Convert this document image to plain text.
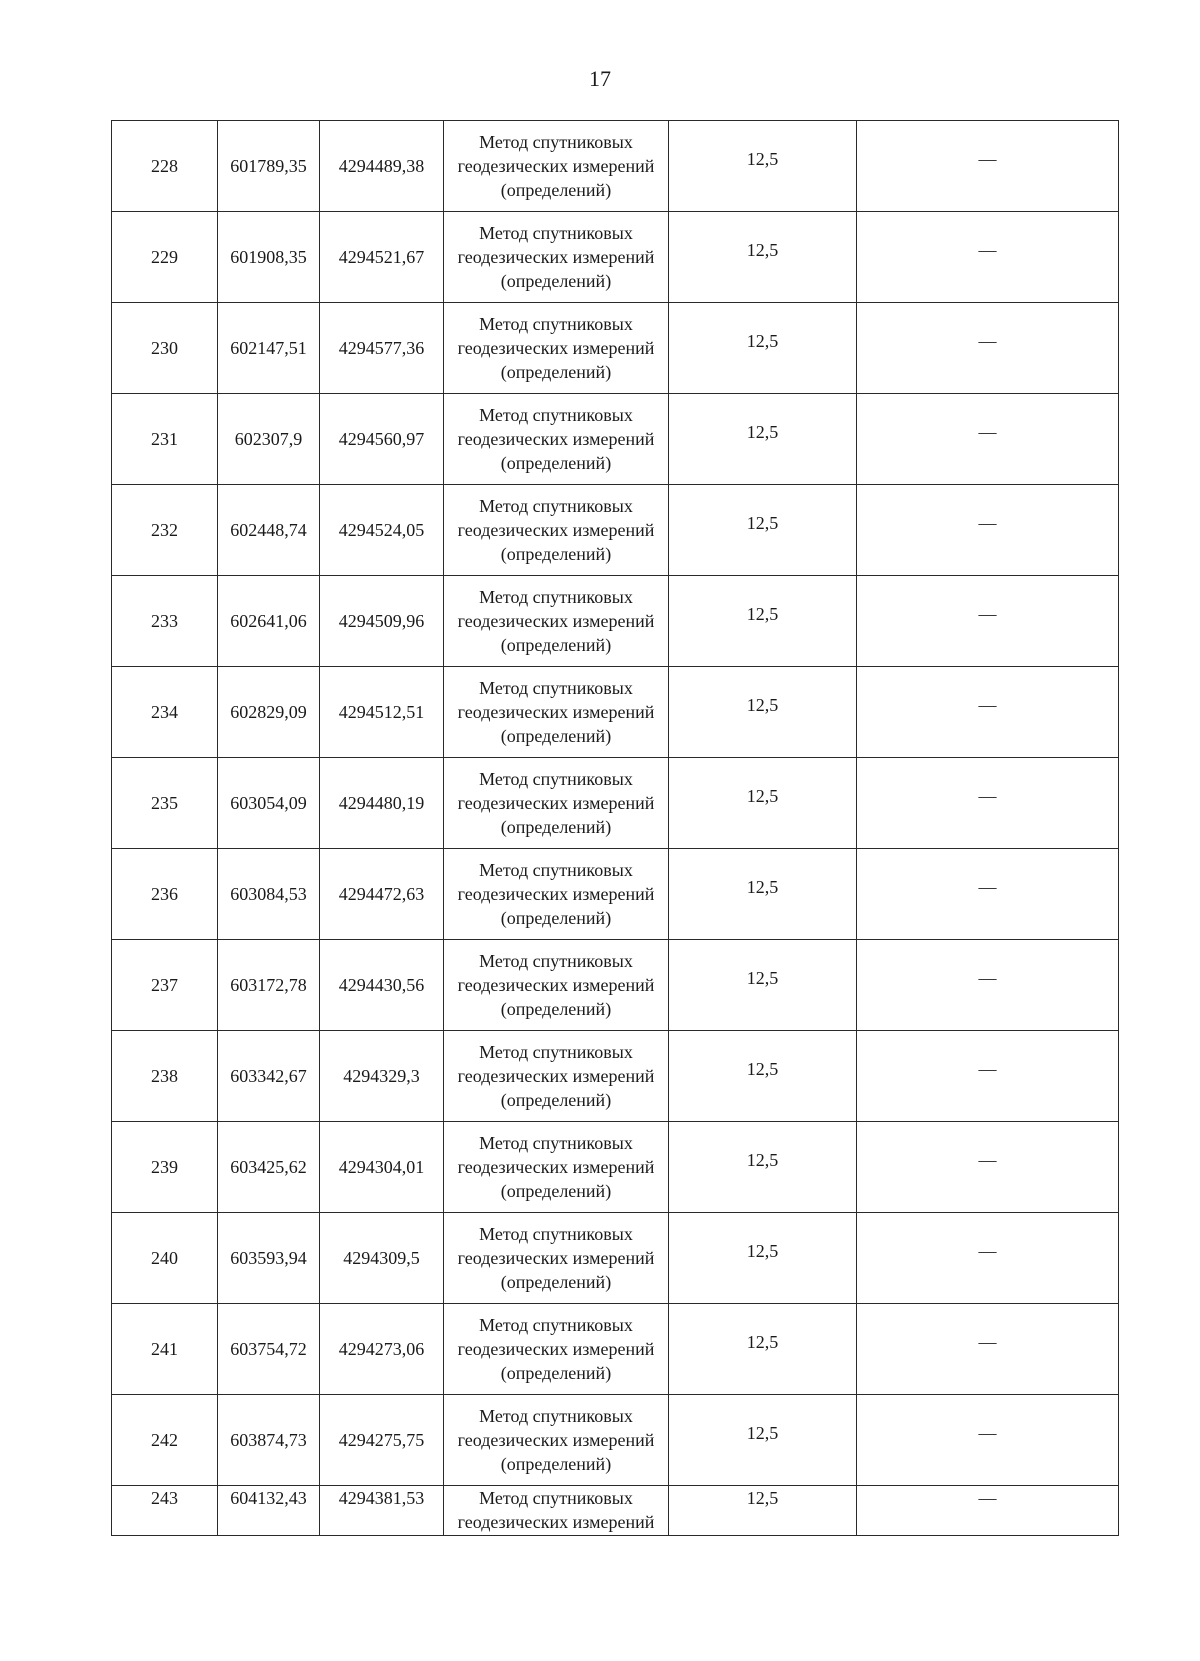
17
228	601789,35	4294489,38	Метод спутниковых
геодезических измерений
(определений)	12,5	—
229	601908,35	4294521,67	Метод спутниковых
геодезических измерений
(определений)	12,5	—
230	602147,51	4294577,36	Метод спутниковых
геодезических измерений
(определений)	12,5	—
231	602307,9	4294560,97	Метод спутниковых
геодезических измерений
(определений)	12,5	—
232	602448,74	4294524,05	Метод спутниковых
геодезических измерений
(определений)	12,5	—
233	602641,06	4294509,96	Метод спутниковых
геодезических измерений
(определений)	12,5	—
234	602829,09	4294512,51	Метод спутниковых
геодезических измерений
(определений)	12,5	—
235	603054,09	4294480,19	Метод спутниковых
геодезических измерений
(определений)	12,5	—
236	603084,53	4294472,63	Метод спутниковых
геодезических измерений
(определений)	12,5	—
237	603172,78	4294430,56	Метод спутниковых
геодезических измерений
(определений)	12,5	—
238	603342,67	4294329,3	Метод спутниковых
геодезических измерений
(определений)	12,5	—
239	603425,62	4294304,01	Метод спутниковых
геодезических измерений
(определений)	12,5	—
240	603593,94	4294309,5	Метод спутниковых
геодезических измерений
(определений)	12,5	—
241	603754,72	4294273,06	Метод спутниковых
геодезических измерений
(определений)	12,5	—
242	603874,73	4294275,75	Метод спутниковых
геодезических измерений
(определений)	12,5	—
243	604132,43	4294381,53	Метод спутниковых
геодезических измерений	12,5	—
